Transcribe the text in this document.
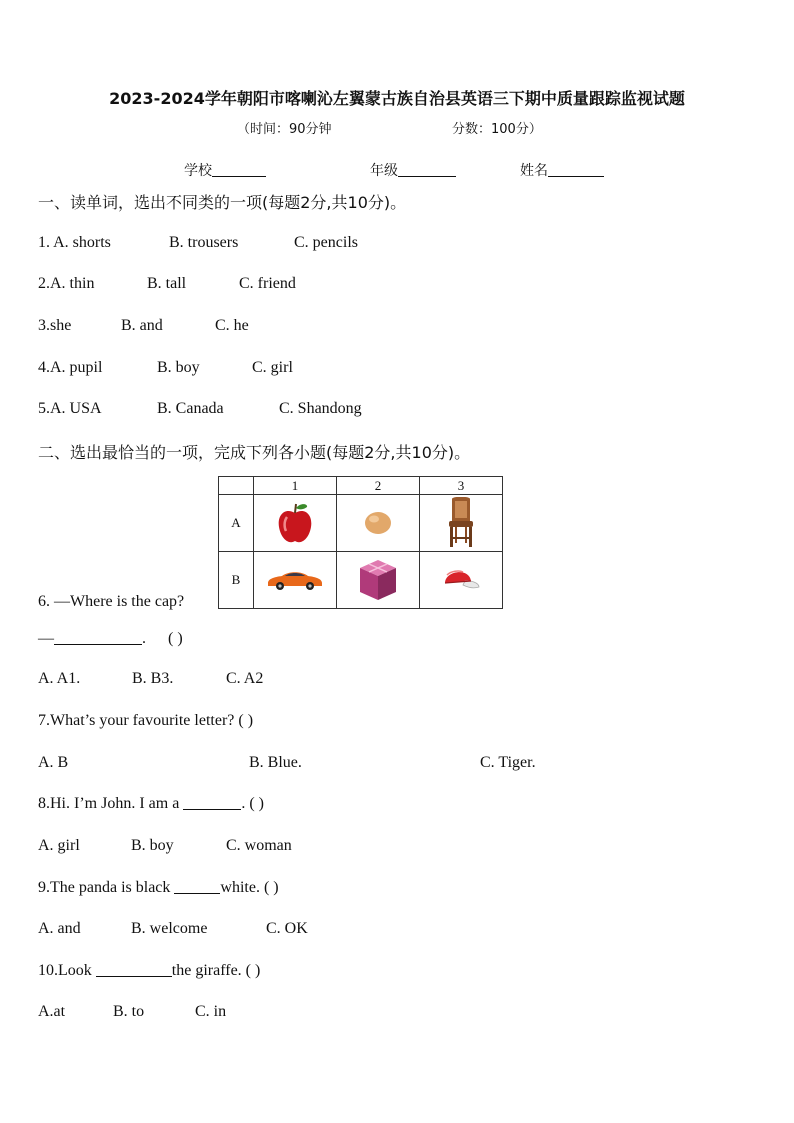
2023-2024学年朝阳市喀喇沁左翼蒙古族自治县英语三下期中质量跟踪监视试题
（时间：90分钟	分数：100分）
学校	年级	姓名
一、读单词，选出不同类的一项(每题2分,共10分)。
1. A. shorts	B. trousers	C. pencils
2.A. thin	B. tall	C. friend
3.she	B. and	C. he
4.A. pupil	B. boy	C. girl
5.A. USA	B. Canada	C. Shandong
二、选出最恰当的一项，完成下列各小题(每题2分,共10分)。
	1	2	3
A	

B	

6. —Where is the cap?
—	. ( )
A. A1.	B. B3.	C. A2
7.What’s your favourite letter? ( )
A. B	B. Blue.	C. Tiger.
8.Hi. I’m John. I am a	. ( )
A. girl	B. boy	C. woman
9.The panda is black	white. ( )
A. and	B. welcome	C. OK
10.Look	the giraffe. ( )
A.at	B. to	C. in
